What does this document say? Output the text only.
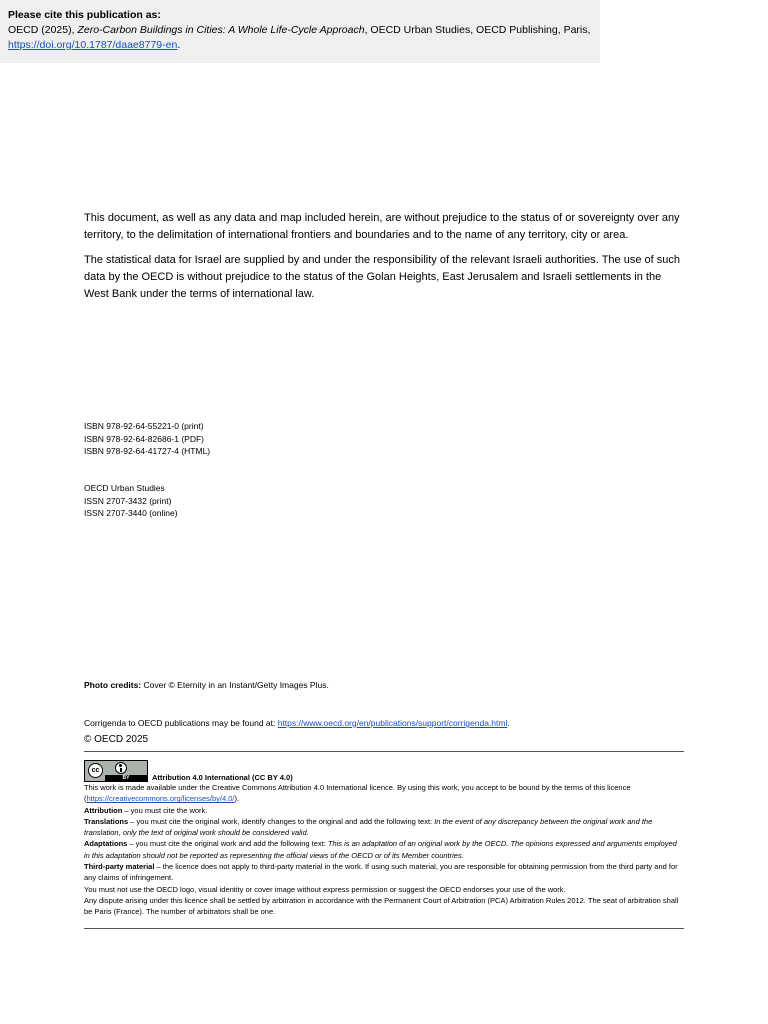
This document, as well as any data and map included herein, are without prejudice to the status of or sovereignty over any territory, to the delimitation of international frontiers and boundaries and to the name of any territory, city or area.

The statistical data for Israel are supplied by and under the responsibility of the relevant Israeli authorities. The use of such data by the OECD is without prejudice to the status of the Golan Heights, East Jerusalem and Israeli settlements in the West Bank under the terms of international law.

Please cite this publication as:

OECD (2025), Zero-Carbon Buildings in Cities: A Whole Life-Cycle Approach, OECD Urban Studies, OECD Publishing, Paris,
https://doi.org/10.1787/daae8779-en.

ISBN 978-92-64-55221-0 (print)

ISBN 978-92-64-82686-1 (PDF)

ISBN 978-92-64-41727-4 (HTML)

OECD Urban Studies

ISSN 2707-3432 (print)

ISSN 2707-3440 (online)

Photo credits: Cover © Eternity in an Instant/Getty Images Plus.

Corrigenda to OECD publications may be found at: https://www.oecd.org/en/publications/support/corrigenda.html.

© OECD 2025
cc
BY	Attribution 4.0 International (CC BY 4.0)

This work is made available under the Creative Commons Attribution 4.0 International licence. By using this work, you accept to be bound by the terms of this licence (https://creativecommons.org/licenses/by/4.0/).

Attribution – you must cite the work.

Translations – you must cite the original work, identify changes to the original and add the following text: In the event of any discrepancy between the original work and the translation, only the text of original work should be considered valid.

Adaptations – you must cite the original work and add the following text: This is an adaptation of an original work by the OECD. The opinions expressed and arguments employed in this adaptation should not be reported as representing the official views of the OECD or of its Member countries.

Third-party material – the licence does not apply to third-party material in the work. If using such material, you are responsible for obtaining permission from the third party and for any claims of infringement.

You must not use the OECD logo, visual identity or cover image without express permission or suggest the OECD endorses your use of the work.

Any dispute arising under this licence shall be settled by arbitration in accordance with the Permanent Court of Arbitration (PCA) Arbitration Rules 2012. The seat of arbitration shall be Paris (France). The number of arbitrators shall be one.
